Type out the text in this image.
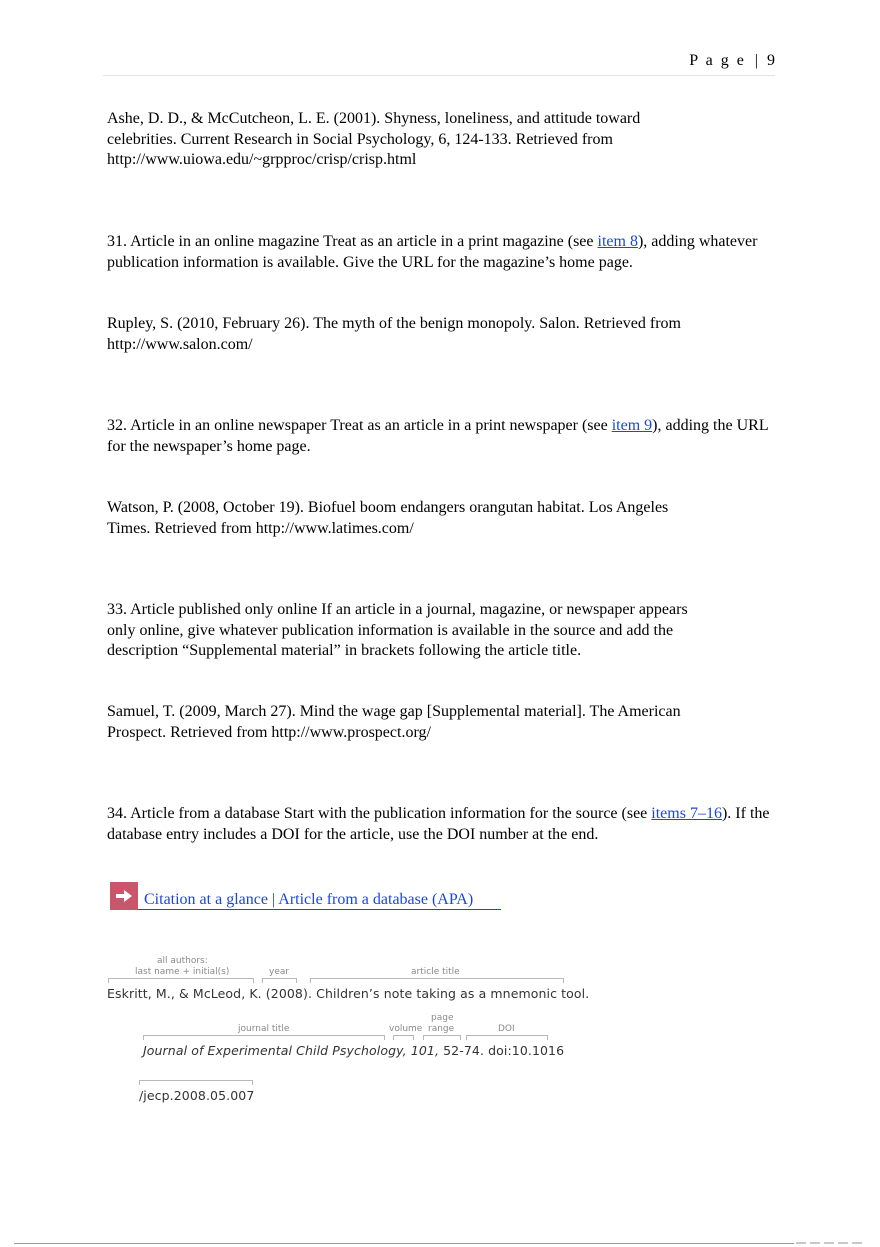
P a g e | 9

Ashe, D. D., & McCutcheon, L. E. (2001). Shyness, loneliness, and attitude toward
celebrities. Current Research in Social Psychology, 6, 124-133. Retrieved from
http://www.uiowa.edu/~grpproc/crisp/crisp.html

31. Article in an online magazine Treat as an article in a print magazine (see item 8), adding whatever publication information is available. Give the URL for the magazine’s home page.

Rupley, S. (2010, February 26). The myth of the benign monopoly. Salon. Retrieved from
http://www.salon.com/

32. Article in an online newspaper Treat as an article in a print newspaper (see item 9), adding the URL for the newspaper’s home page.

Watson, P. (2008, October 19). Biofuel boom endangers orangutan habitat. Los Angeles
Times. Retrieved from http://www.latimes.com/

33. Article published only online If an article in a journal, magazine, or newspaper appears
only online, give whatever publication information is available in the source and add the
description “Supplemental material” in brackets following the article title.

Samuel, T. (2009, March 27). Mind the wage gap [Supplemental material]. The American
Prospect. Retrieved from http://www.prospect.org/

34. Article from a database Start with the publication information for the source (see items 7–16). If the database entry includes a DOI for the article, use the DOI number at the end.

Citation at a glance | Article from a database (APA)
all authors:
last name + initial(s)	year	article title
Eskritt, M., & McLeod, K. (2008). Children’s note taking as a mnemonic tool.
page
journal title	volume range	DOI
Journal of Experimental Child Psychology, 101, 52-74. doi:10.1016
/jecp.2008.05.007
